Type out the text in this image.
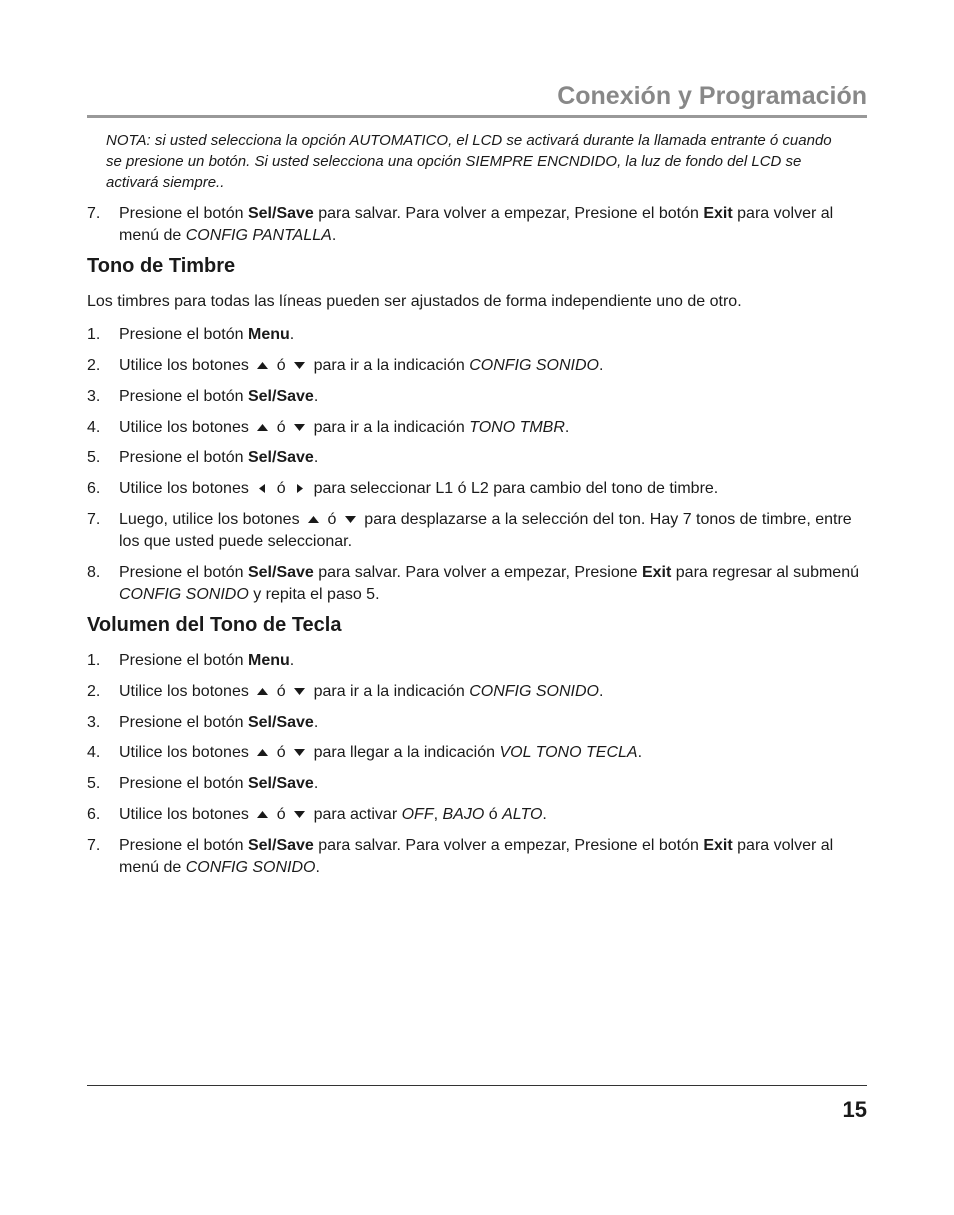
Conexión y Programación
NOTA: si usted selecciona la opción AUTOMATICO, el LCD se activará durante la llamada entrante ó cuando se presione un botón. Si usted selecciona una opción SIEMPRE ENCNDIDO, la luz de fondo del LCD se activará siempre..
7. Presione el botón Sel/Save para salvar. Para volver a empezar, Presione el botón Exit para volver al menú de CONFIG PANTALLA.
Tono de Timbre
Los timbres para todas las líneas pueden ser ajustados de forma independiente uno de otro.
1. Presione el botón Menu.
2. Utilice los botones ó para ir a la indicación CONFIG SONIDO.
3. Presione el botón Sel/Save.
4. Utilice los botones ó para ir a la indicación TONO TMBR.
5. Presione el botón Sel/Save.
6. Utilice los botones ó para seleccionar L1 ó L2 para cambio del tono de timbre.
7. Luego, utilice los botones ó para desplazarse a la selección del ton. Hay 7 tonos de timbre, entre los que usted puede seleccionar.
8. Presione el botón Sel/Save para salvar. Para volver a empezar, Presione Exit para regresar al submenú CONFIG SONIDO y repita el paso 5.
Volumen del Tono de Tecla
1. Presione el botón Menu.
2. Utilice los botones ó para ir a la indicación CONFIG SONIDO.
3. Presione el botón Sel/Save.
4. Utilice los botones ó para llegar a la indicación VOL TONO TECLA.
5. Presione el botón Sel/Save.
6. Utilice los botones ó para activar OFF, BAJO ó ALTO.
7. Presione el botón Sel/Save para salvar. Para volver a empezar, Presione el botón Exit para volver al menú de CONFIG SONIDO.
15
